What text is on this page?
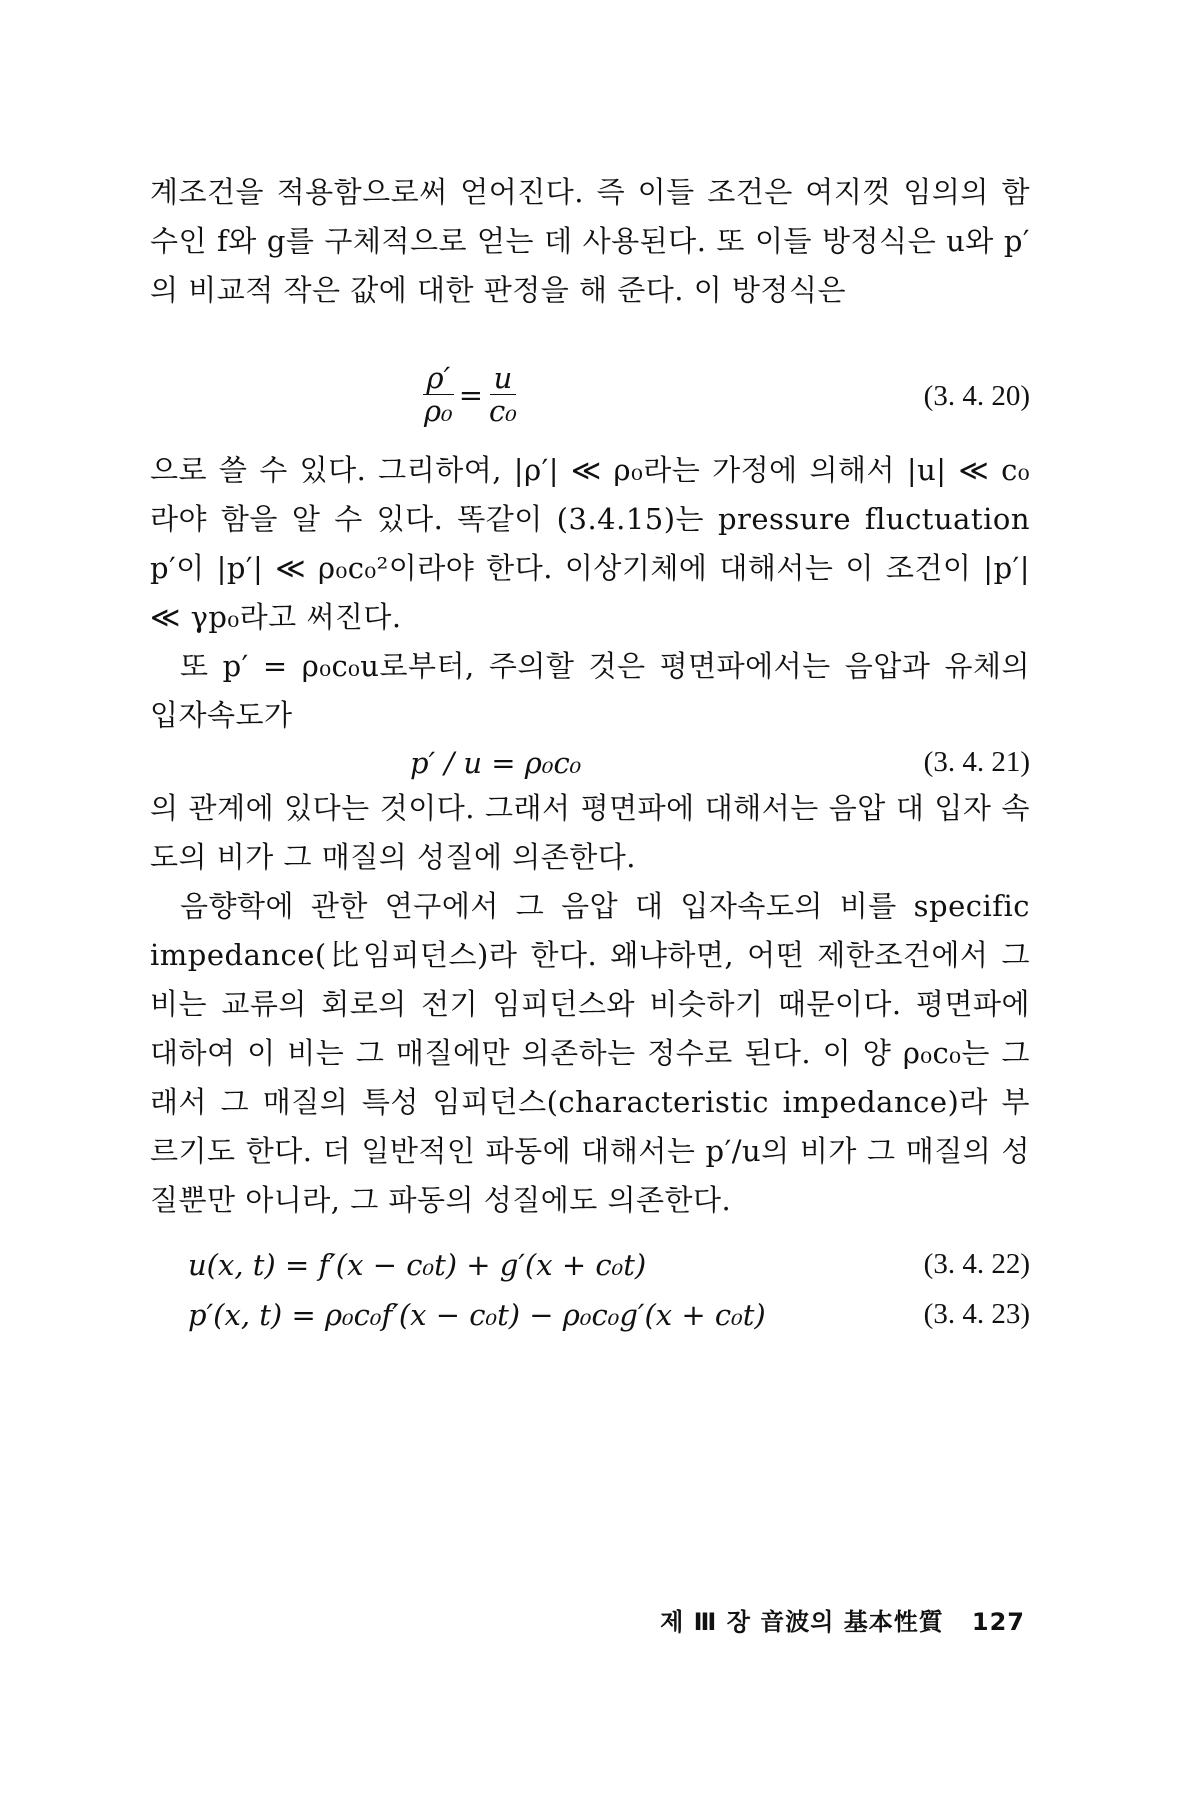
계조건을 적용함으로써 얻어진다. 즉 이들 조건은 여지껏 임의의 함수인 f와 g를 구체적으로 얻는 데 사용된다. 또 이들 방정식은 u와 p′의 비교적 작은 값에 대한 판정을 해 준다. 이 방정식은

$\frac{\rho'}{\text{ρ₀}} = \frac{u}{\text{c₀}}$	(3. 4. 20)

으로 쓸 수 있다. 그리하여, |ρ′| ≪ ρ₀라는 가정에 의해서 |u| ≪ c₀라야 함을 알 수 있다. 똑같이 (3.4.15)는 pressure fluctuation p′이 |p′| ≪ ρ₀c₀²이라야 한다. 이상기체에 대해서는 이 조건이 |p′| ≪ γp₀라고 써진다.

또 p′ = ρ₀c₀u로부터, 주의할 것은 평면파에서는 음압과 유체의 입자속도가

p′ / u = ρ₀c₀	(3. 4. 21)

의 관계에 있다는 것이다. 그래서 평면파에 대해서는 음압 대 입자 속도의 비가 그 매질의 성질에 의존한다.

음향학에 관한 연구에서 그 음압 대 입자속도의 비를 specific impedance(比임피던스)라 한다. 왜냐하면, 어떤 제한조건에서 그 비는 교류의 회로의 전기 임피던스와 비슷하기 때문이다. 평면파에 대하여 이 비는 그 매질에만 의존하는 정수로 된다. 이 양 ρ₀c₀는 그래서 그 매질의 특성 임피던스(characteristic impedance)라 부르기도 한다. 더 일반적인 파동에 대해서는 p′/u의 비가 그 매질의 성질뿐만 아니라, 그 파동의 성질에도 의존한다.

u(x, t) = f′(x − c₀t) + g′(x + c₀t)	(3. 4. 22)
p′(x, t) = ρ₀c₀f′(x − c₀t) − ρ₀c₀g′(x + c₀t)	(3. 4. 23)
제 Ⅲ 장 音波의 基本性質 127
